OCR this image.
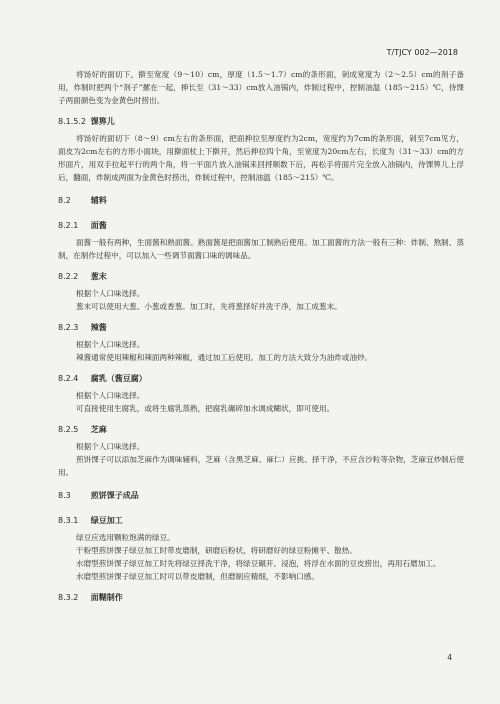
T/TJCY 002—2018

将饧好的面切下，擀至宽度（9～10）cm，厚度（1.5～1.7）cm的条形面，剁成宽度为（2～2.5）cm的剂子备用，炸制时把两个“剂子”摞在一起，抻长至（31～33）cm放入油锅内，炸制过程中，控制油温（185～215）℃，待馃子两面颜色变为金黄色时捞出。

8.1.5.2 馃箅儿

将饧好的面切下（8～9）cm左右的条形面，把面抻拉至厚度约为2cm，宽度约为7cm的条形面，剁至7cm见方，面皮为2cm左右的方形小面块，用擀面杖上下擀开，然后抻拉四个角，至宽度为20cm左右，长度为（31～33）cm的方形面片，用双手拉起平行的两个角，将一平面片放入油锅来回捋顺数下后，再松手将面片完全放入油锅内，待馃箅儿上浮后，翻面，炸制成两面为金黄色时捞出，炸制过程中，控制油温（185～215）℃。

8.2	辅料

8.2.1 面酱

面酱一般有两种，生面酱和熟面酱。熟面酱是把面酱加工制熟后使用。加工面酱的方法一般有三种：炸制、熬制、蒸制，在制作过程中，可以加入一些调节面酱口味的调味品。

8.2.2 葱末

根据个人口味选择。

葱末可以使用大葱、小葱或香葱。加工时，先将葱择好并洗干净，加工成葱末。

8.2.3 辣酱

根据个人口味选择。

辣酱通常使用辣椒和辣面两种辣椒，通过加工后使用。加工的方法大致分为油炸或油炒。

8.2.4 腐乳（酱豆腐）

根据个人口味选择。

可直接使用生腐乳，或将生腐乳蒸熟，把腐乳碾碎加水调成糊状，即可使用。

8.2.5 芝麻

根据个人口味选择。

煎饼馃子可以添加芝麻作为调味辅料，芝麻（含黑芝麻、麻仁）应挑、择干净，不应含沙粒等杂物，芝麻宜炒制后使用。

8.3	煎饼馃子成品

8.3.1 绿豆加工

绿豆应选用颗粒饱满的绿豆。

干粉型煎饼馃子绿豆加工时带皮磨制，研磨后粉状，将研磨好的绿豆粉摊平、散热。

水磨型煎饼馃子绿豆加工时先将绿豆择洗干净，将绿豆碾开、浸泡，将浮在水面的豆皮捞出，再用石磨加工。

水磨型煎饼馃子绿豆加工时可以带皮磨制，但磨制应精细，不影响口感。

8.3.2 面糊制作

4
